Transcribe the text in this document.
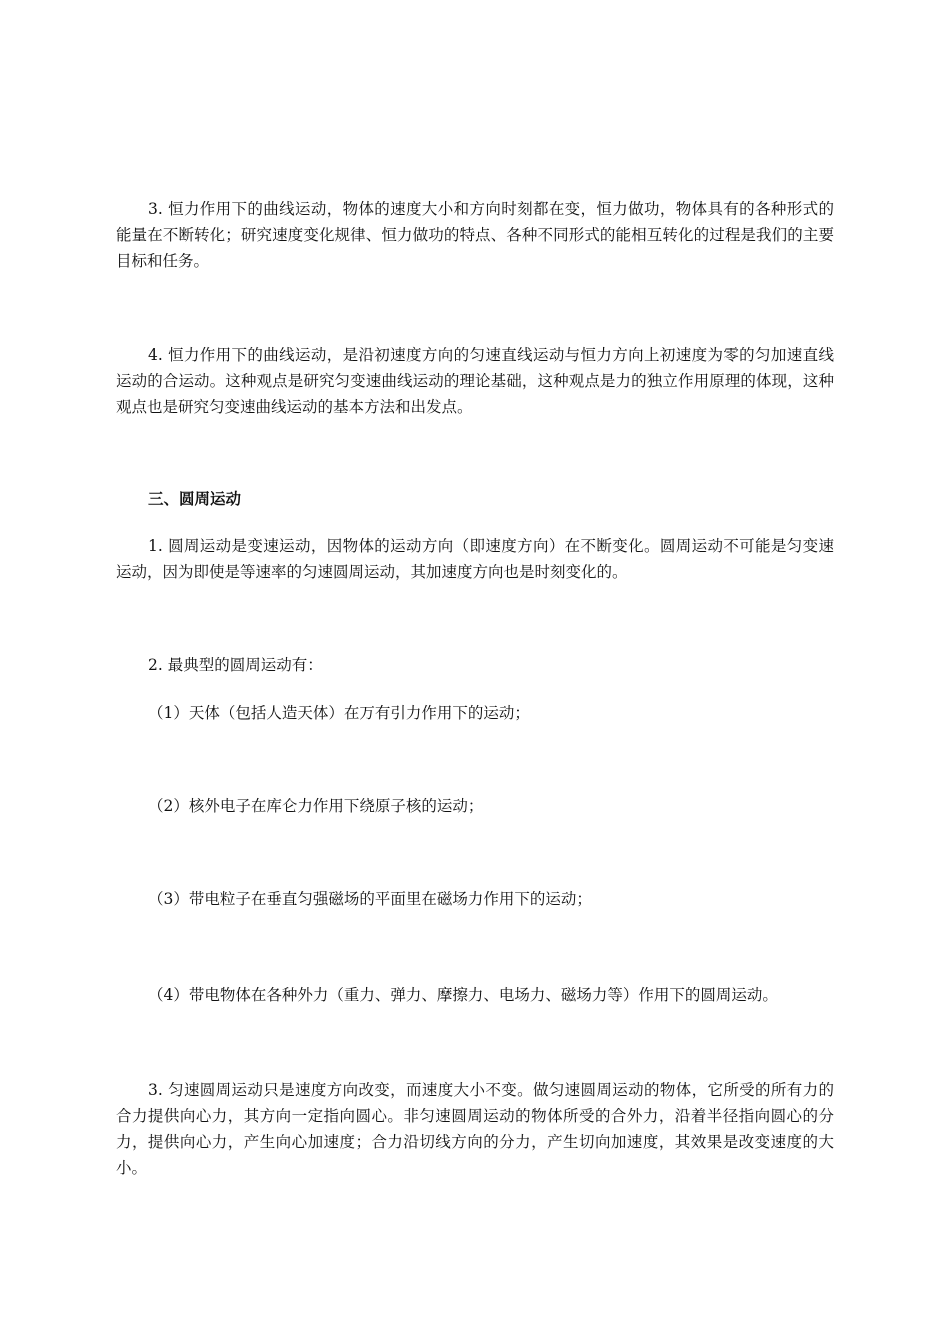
3. 恒力作用下的曲线运动，物体的速度大小和方向时刻都在变，恒力做功，物体具有的各种形式的能量在不断转化；研究速度变化规律、恒力做功的特点、各种不同形式的能相互转化的过程是我们的主要目标和任务。

4. 恒力作用下的曲线运动，是沿初速度方向的匀速直线运动与恒力方向上初速度为零的匀加速直线运动的合运动。这种观点是研究匀变速曲线运动的理论基础，这种观点是力的独立作用原理的体现，这种观点也是研究匀变速曲线运动的基本方法和出发点。

三、圆周运动

1. 圆周运动是变速运动，因物体的运动方向（即速度方向）在不断变化。圆周运动不可能是匀变速运动，因为即使是等速率的匀速圆周运动，其加速度方向也是时刻变化的。

2. 最典型的圆周运动有：

（1）天体（包括人造天体）在万有引力作用下的运动；

（2）核外电子在库仑力作用下绕原子核的运动；

（3）带电粒子在垂直匀强磁场的平面里在磁场力作用下的运动；

（4）带电物体在各种外力（重力、弹力、摩擦力、电场力、磁场力等）作用下的圆周运动。

3. 匀速圆周运动只是速度方向改变，而速度大小不变。做匀速圆周运动的物体，它所受的所有力的合力提供向心力，其方向一定指向圆心。非匀速圆周运动的物体所受的合外力，沿着半径指向圆心的分力，提供向心力，产生向心加速度；合力沿切线方向的分力，产生切向加速度，其效果是改变速度的大小。
